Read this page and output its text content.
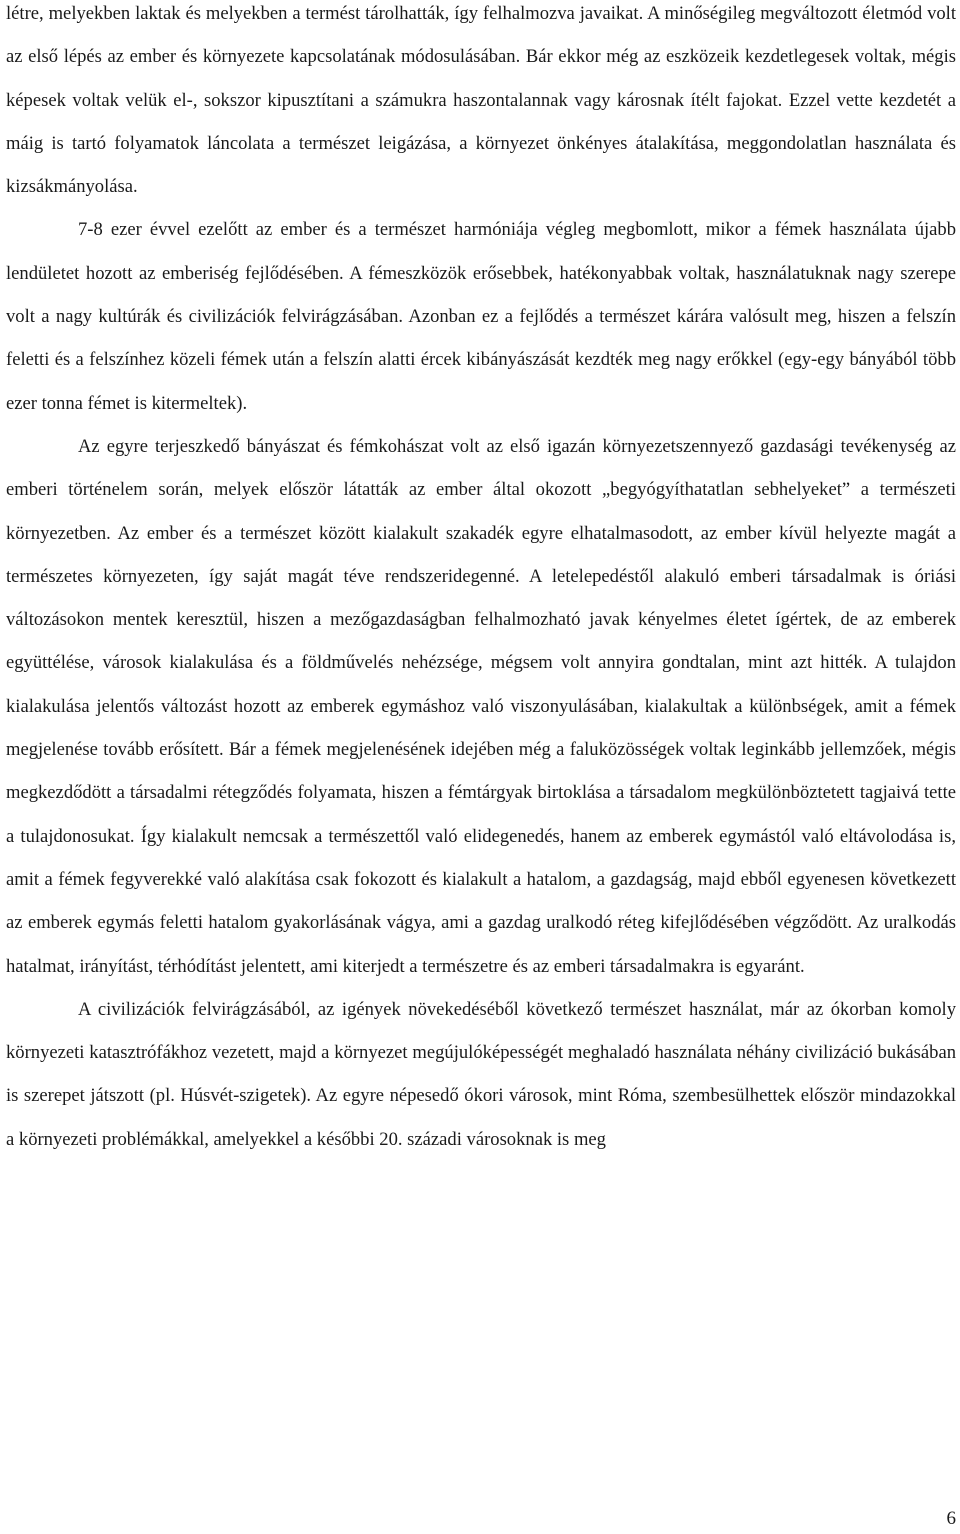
létre, melyekben laktak és melyekben a termést tárolhatták, így felhalmozva javaikat. A minőségileg megváltozott életmód volt az első lépés az ember és környezete kapcsolatának módosulásában. Bár ekkor még az eszközeik kezdetlegesek voltak, mégis képesek voltak velük el-, sokszor kipusztítani a számukra haszontalannak vagy károsnak ítélt fajokat. Ezzel vette kezdetét a máig is tartó folyamatok láncolata a természet leigázása, a környezet önkényes átalakítása, meggondolatlan használata és kizsákmányolása.

7-8 ezer évvel ezelőtt az ember és a természet harmóniája végleg megbomlott, mikor a fémek használata újabb lendületet hozott az emberiség fejlődésében. A fémeszközök erősebbek, hatékonyabbak voltak, használatuknak nagy szerepe volt a nagy kultúrák és civilizációk felvirágzásában. Azonban ez a fejlődés a természet kárára valósult meg, hiszen a felszín feletti és a felszínhez közeli fémek után a felszín alatti ércek kibányászását kezdték meg nagy erőkkel (egy-egy bányából több ezer tonna fémet is kitermeltek).

Az egyre terjeszkedő bányászat és fémkohászat volt az első igazán környezetszennyező gazdasági tevékenység az emberi történelem során, melyek először látatták az ember által okozott „begyógyíthatatlan sebhelyeket” a természeti környezetben. Az ember és a természet között kialakult szakadék egyre elhatalmasodott, az ember kívül helyezte magát a természetes környezeten, így saját magát téve rendszeridegenné. A letelepedéstől alakuló emberi társadalmak is óriási változásokon mentek keresztül, hiszen a mezőgazdaságban felhalmozható javak kényelmes életet ígértek, de az emberek együttélése, városok kialakulása és a földművelés nehézsége, mégsem volt annyira gondtalan, mint azt hitték. A tulajdon kialakulása jelentős változást hozott az emberek egymáshoz való viszonyulásában, kialakultak a különbségek, amit a fémek megjelenése tovább erősített. Bár a fémek megjelenésének idejében még a faluközösségek voltak leginkább jellemzőek, mégis megkezdődött a társadalmi rétegződés folyamata, hiszen a fémtárgyak birtoklása a társadalom megkülönböztetett tagjaivá tette a tulajdonosukat. Így kialakult nemcsak a természettől való elidegenedés, hanem az emberek egymástól való eltávolodása is, amit a fémek fegyverekké való alakítása csak fokozott és kialakult a hatalom, a gazdagság, majd ebből egyenesen következett az emberek egymás feletti hatalom gyakorlásának vágya, ami a gazdag uralkodó réteg kifejlődésében végződött. Az uralkodás hatalmat, irányítást, térhódítást jelentett, ami kiterjedt a természetre és az emberi társadalmakra is egyaránt.

A civilizációk felvirágzásából, az igények növekedéséből következő természet használat, már az ókorban komoly környezeti katasztrófákhoz vezetett, majd a környezet megújulóképességét meghaladó használata néhány civilizáció bukásában is szerepet játszott (pl. Húsvét-szigetek). Az egyre népesedő ókori városok, mint Róma, szembesülhettek először mindazokkal a környezeti problémákkal, amelyekkel a későbbi 20. századi városoknak is meg

6
